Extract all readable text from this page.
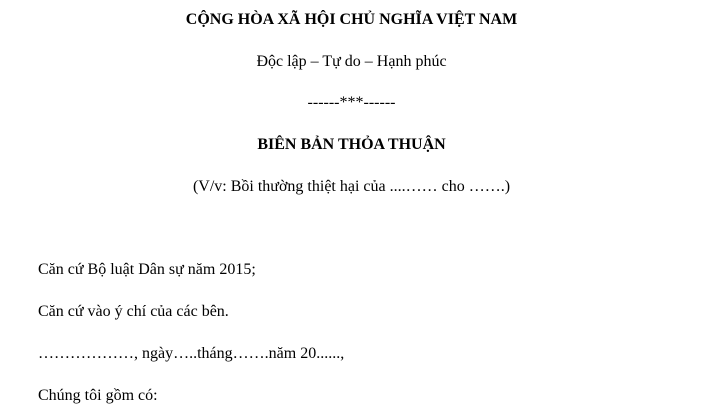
CỘNG HÒA XÃ HỘI CHỦ NGHĨA VIỆT NAM
Độc lập – Tự do – Hạnh phúc
------***------
BIÊN BẢN THỎA THUẬN
(V/v: Bồi thường thiệt hại của ....…… cho …….)
Căn cứ Bộ luật Dân sự năm 2015;
Căn cứ vào ý chí của các bên.
………………, ngày…..tháng…….năm 20......,
Chúng tôi gồm có:
